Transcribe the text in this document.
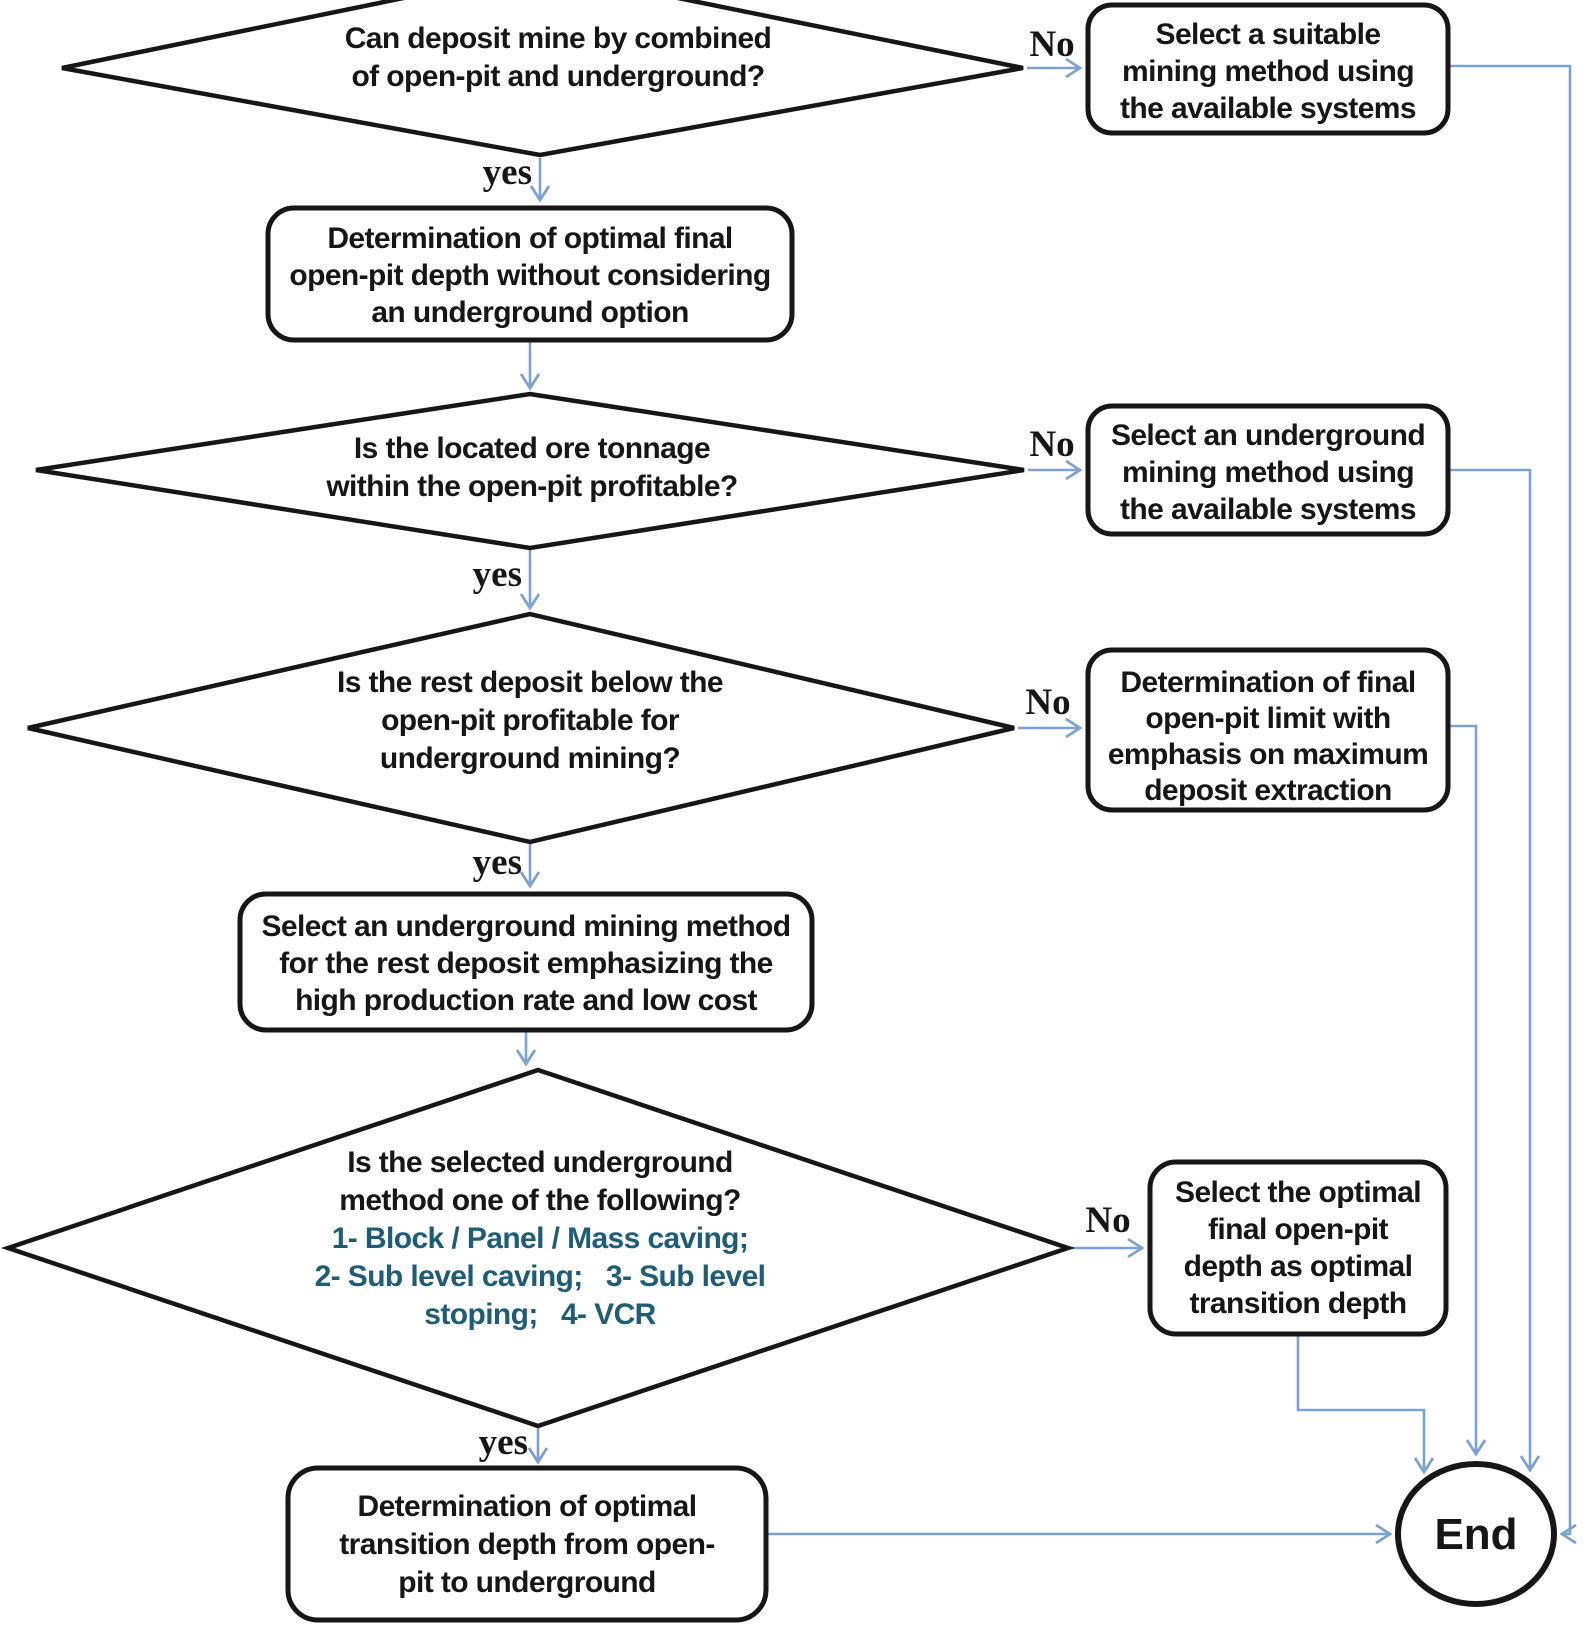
No
yes
No
yes
No
yes
No
yes
Can deposit mine by combined
of open-pit and underground?
Select a suitable
mining method using
the available systems
Determination of optimal final
open-pit depth without considering
an underground option
Is the located ore tonnage
within the open-pit profitable?
Select an underground
mining method using
the available systems
Is the rest deposit below the
open-pit profitable for
underground mining?
Determination of final
open-pit limit with
emphasis on maximum
deposit extraction
Select an underground mining method
for the rest deposit emphasizing the
high production rate and low cost
Is the selected underground
method one of the following?
1- Block / Panel / Mass caving;
2- Sub level caving;   3- Sub level
stoping;   4- VCR
Select the optimal
final open-pit
depth as optimal
transition depth
Determination of optimal
transition depth from open-
pit to underground
End
